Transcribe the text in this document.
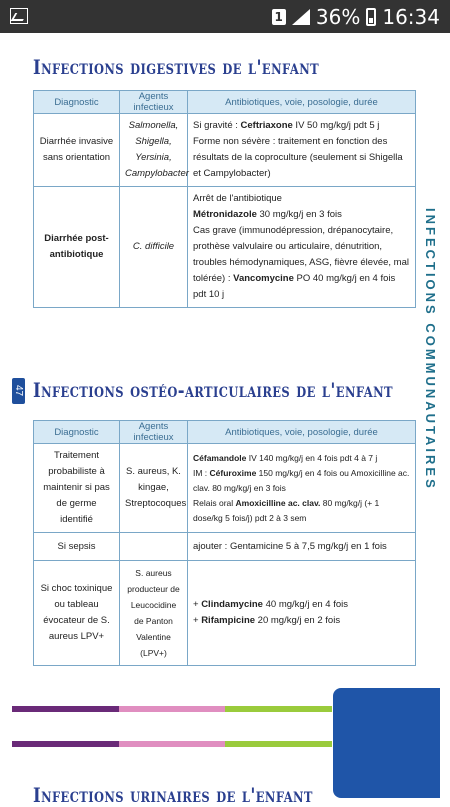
1 36% 16:34
Infections digestives de l'enfant
Diagnostic	Agents infectieux	Antibiotiques, voie, posologie, durée
Diarrhée invasive sans orientation	Salmonella, Shigella, Yersinia, Campylobacter	Si gravité : Ceftriaxone IV 50 mg/kg/j pdt 5 j
Forme non sévère : traitement en fonction des résultats de la coproculture (seulement si Shigella et Campylobacter)

Diarrhée post-antibiotique	C. difficile	Arrêt de l'antibiotique
Métronidazole 30 mg/kg/j en 3 fois
Cas grave (immunodépression, drépanocytaire, prothèse valvulaire ou articulaire, dénutrition, troubles hémodynamiques, ASG, fièvre élevée, mal tolérée) : Vancomycine PO 40 mg/kg/j en 4 fois pdt 10 j
47 Infections ostéo-articulaires de l'enfant
Diagnostic	Agents infectieux	Antibiotiques, voie, posologie, durée
Traitement probabiliste à maintenir si pas de germe identifié	S. aureus, K. kingae, Streptocoques	Céfamandole IV 140 mg/kg/j en 4 fois pdt 4 à 7 j
IM : Céfuroxime 150 mg/kg/j en 4 fois ou Amoxicilline ac. clav. 80 mg/kg/j en 3 fois
Relais oral Amoxicilline ac. clav. 80 mg/kg/j (+ 1 dose/kg 5 fois/j) pdt 2 à 3 sem

Si sepsis		ajouter : Gentamicine 5 à 7,5 mg/kg/j en 1 fois

Si choc toxinique ou tableau évocateur de S. aureus LPV+	S. aureus producteur de Leucocidine de Panton Valentine (LPV+)	+ Clindamycine 40 mg/kg/j en 4 fois
+ Rifampicine 20 mg/kg/j en 2 fois
INFECTIONS COMMUNAUTAIRES
Infections urinaires de l'enfant
